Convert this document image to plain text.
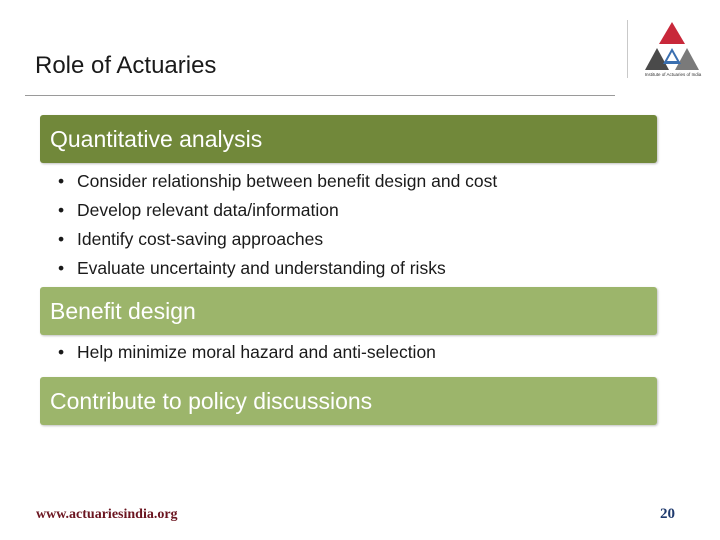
Role of Actuaries	Institute of Actuaries of India
Quantitative analysis
• Consider relationship between benefit design and cost
• Develop relevant data/information
• Identify cost-saving approaches
• Evaluate uncertainty and understanding of risks
Benefit design
• Help minimize moral hazard and anti-selection
Contribute to policy discussions
www.actuariesindia.org	20
